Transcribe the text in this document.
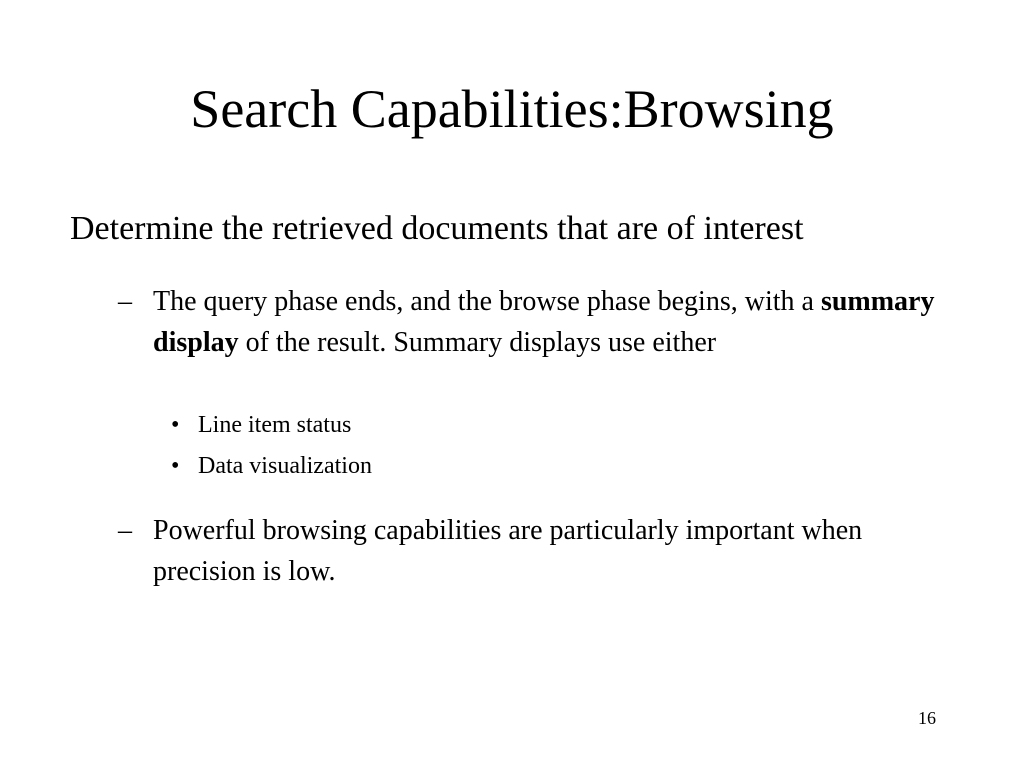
Search Capabilities:Browsing

Determine the retrieved documents that are of interest

– The query phase ends, and the browse phase begins, with a summary display of the result. Summary displays use either
• Line item status
• Data visualization
– Powerful browsing capabilities are particularly important when precision is low.
16
